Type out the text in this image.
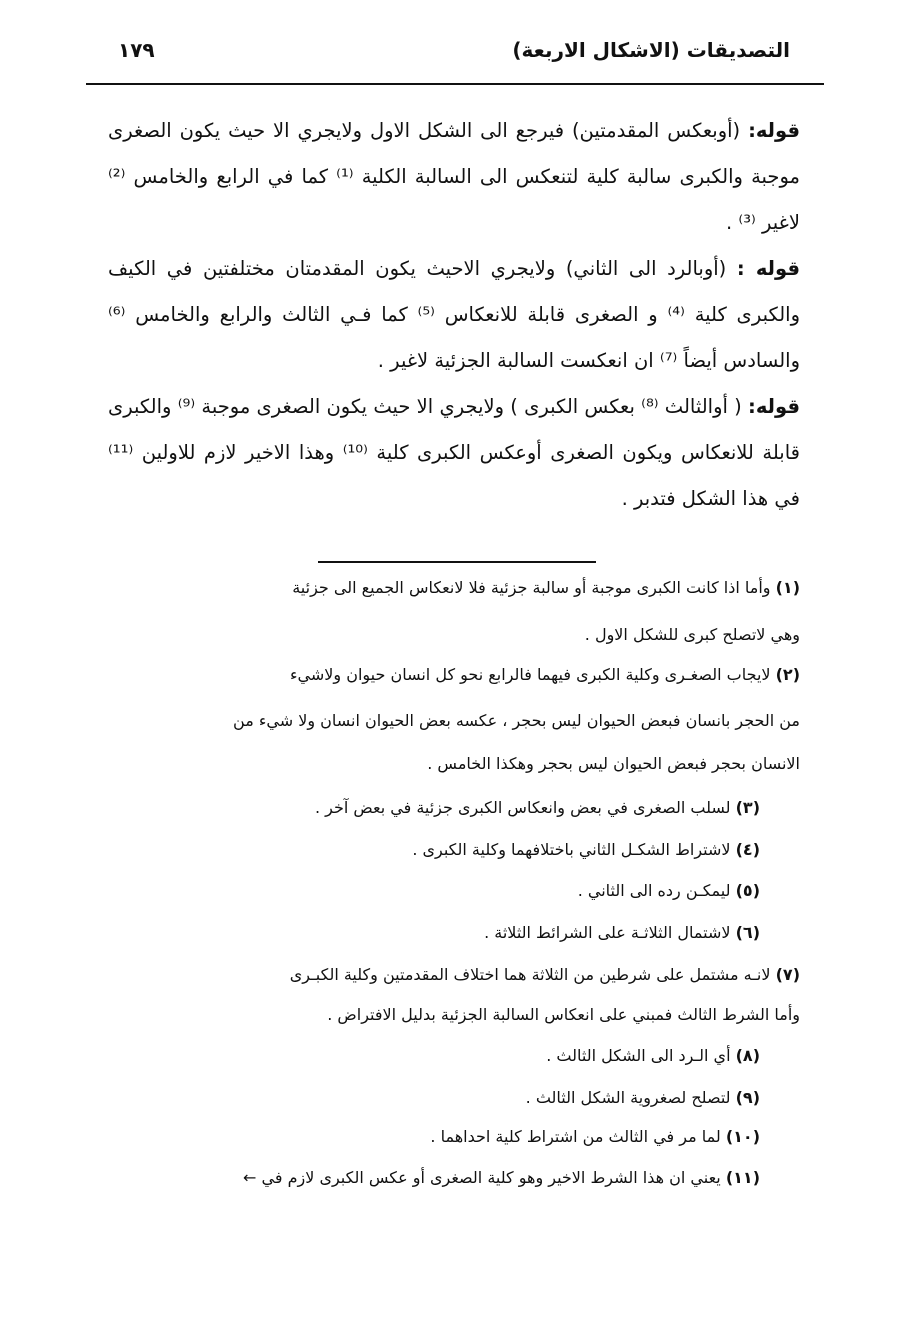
التصديقات (الاشكال الاربعة)
١٧٩

قوله: (أوبعكس المقدمتين) فيرجع الى الشكل الاول ولايجري الا حيث يكون الصغرى موجبة والكبرى سالبة كلية لتنعكس الى السالبة الكلية ⁽¹⁾ كما في الرابع والخامس ⁽²⁾ لاغير ⁽³⁾ .

قوله : (أوبالرد الى الثاني) ولايجري الاحيث يكون المقدمتان مختلفتين في الكيف والكبرى كلية ⁽⁴⁾ و الصغرى قابلة للانعكاس ⁽⁵⁾ كما فـي الثالث والرابع والخامس ⁽⁶⁾ والسادس أيضاً ⁽⁷⁾ ان انعكست السالبة الجزئية لاغير .

قوله: ( أوالثالث ⁽⁸⁾ بعكس الكبرى ) ولايجري الا حيث يكون الصغرى موجبة ⁽⁹⁾ والكبرى قابلة للانعكاس ويكون الصغرى أوعكس الكبرى كلية ⁽¹⁰⁾ وهذا الاخير لازم للاولين ⁽¹¹⁾ في هذا الشكل فتدبر .

(١) وأما اذا كانت الكبرى موجبة أو سالبة جزئية فلا لانعكاس الجميع الى جزئية
وهي لاتصلح كبرى للشكل الاول .
(٢) لايجاب الصغـرى وكلية الكبرى فيهما فالرابع نحو كل انسان حيوان ولاشيء
من الحجر بانسان فبعض الحيوان ليس بحجر ، عكسه بعض الحيوان انسان ولا شيء من
الانسان بحجر فبعض الحيوان ليس بحجر وهكذا الخامس .
(٣) لسلب الصغرى في بعض وانعكاس الكبرى جزئية في بعض آخر .
(٤) لاشتراط الشكـل الثاني باختلافهما وكلية الكبرى .
(٥) ليمكـن رده الى الثاني .
(٦) لاشتمال الثلاثـة على الشرائط الثلاثة .
(٧) لانـه مشتمل على شرطين من الثلاثة هما اختلاف المقدمتين وكلية الكبـرى
وأما الشرط الثالث فمبني على انعكاس السالبة الجزئية بدليل الافتراض .
(٨) أي الـرد الى الشكل الثالث .
(٩) لتصلح لصغروية الشكل الثالث .
(١٠) لما مر في الثالث من اشتراط كلية احداهما .
(١١) يعني ان هذا الشرط الاخير وهو كلية الصغرى أو عكس الكبرى لازم في ←
